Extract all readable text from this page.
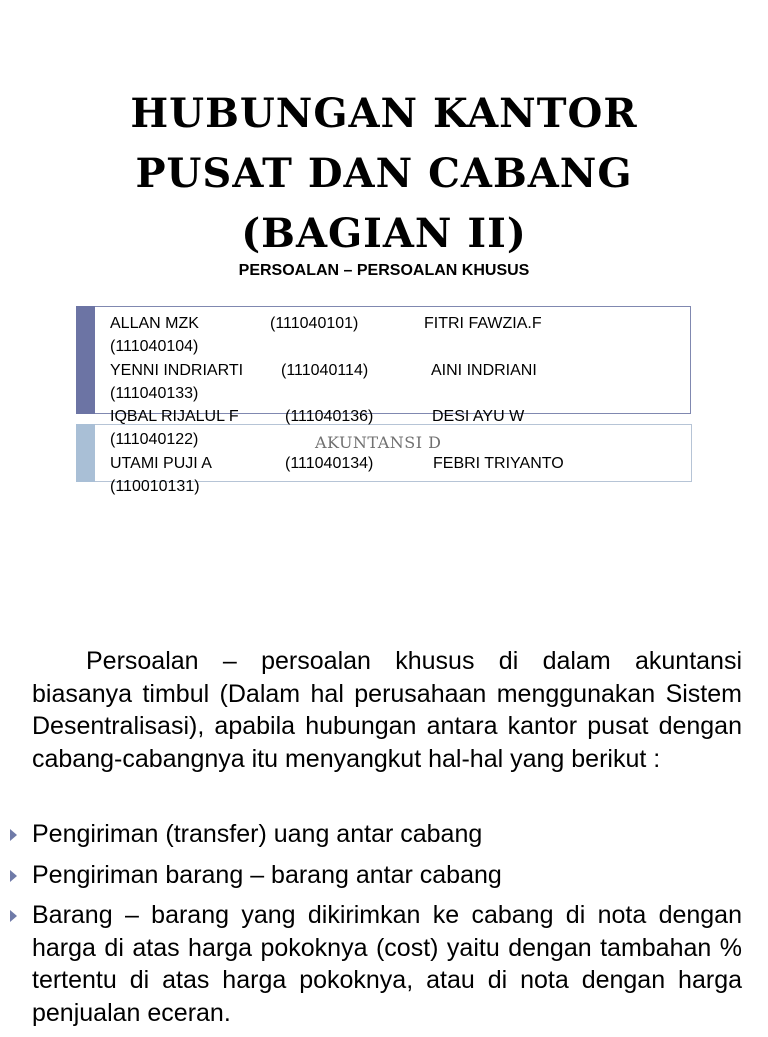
HUBUNGAN KANTOR
PUSAT DAN CABANG
(BAGIAN II)
PERSOALAN – PERSOALAN KHUSUS
AKUNTANSI D
ALLAN MZK	(111040101)	FITRI FAWZIA.F
(111040104)
YENNI INDRIARTI (111040114)	AINI INDRIANI
(111040133)
IQBAL RIJALUL F	(111040136)	DESI AYU W
(111040122)
UTAMI PUJI A	(111040134)	FEBRI TRIYANTO
(110010131)
Persoalan – persoalan khusus di dalam akuntansi biasanya timbul (Dalam hal perusahaan menggunakan Sistem Desentralisasi), apabila hubungan antara kantor pusat dengan cabang-cabangnya itu menyangkut hal-hal yang berikut :
Pengiriman (transfer) uang antar cabang
Pengiriman barang – barang antar cabang
Barang – barang yang dikirimkan ke cabang di nota dengan harga di atas harga pokoknya (cost) yaitu dengan tambahan % tertentu di atas harga pokoknya, atau di nota dengan harga penjualan eceran.
